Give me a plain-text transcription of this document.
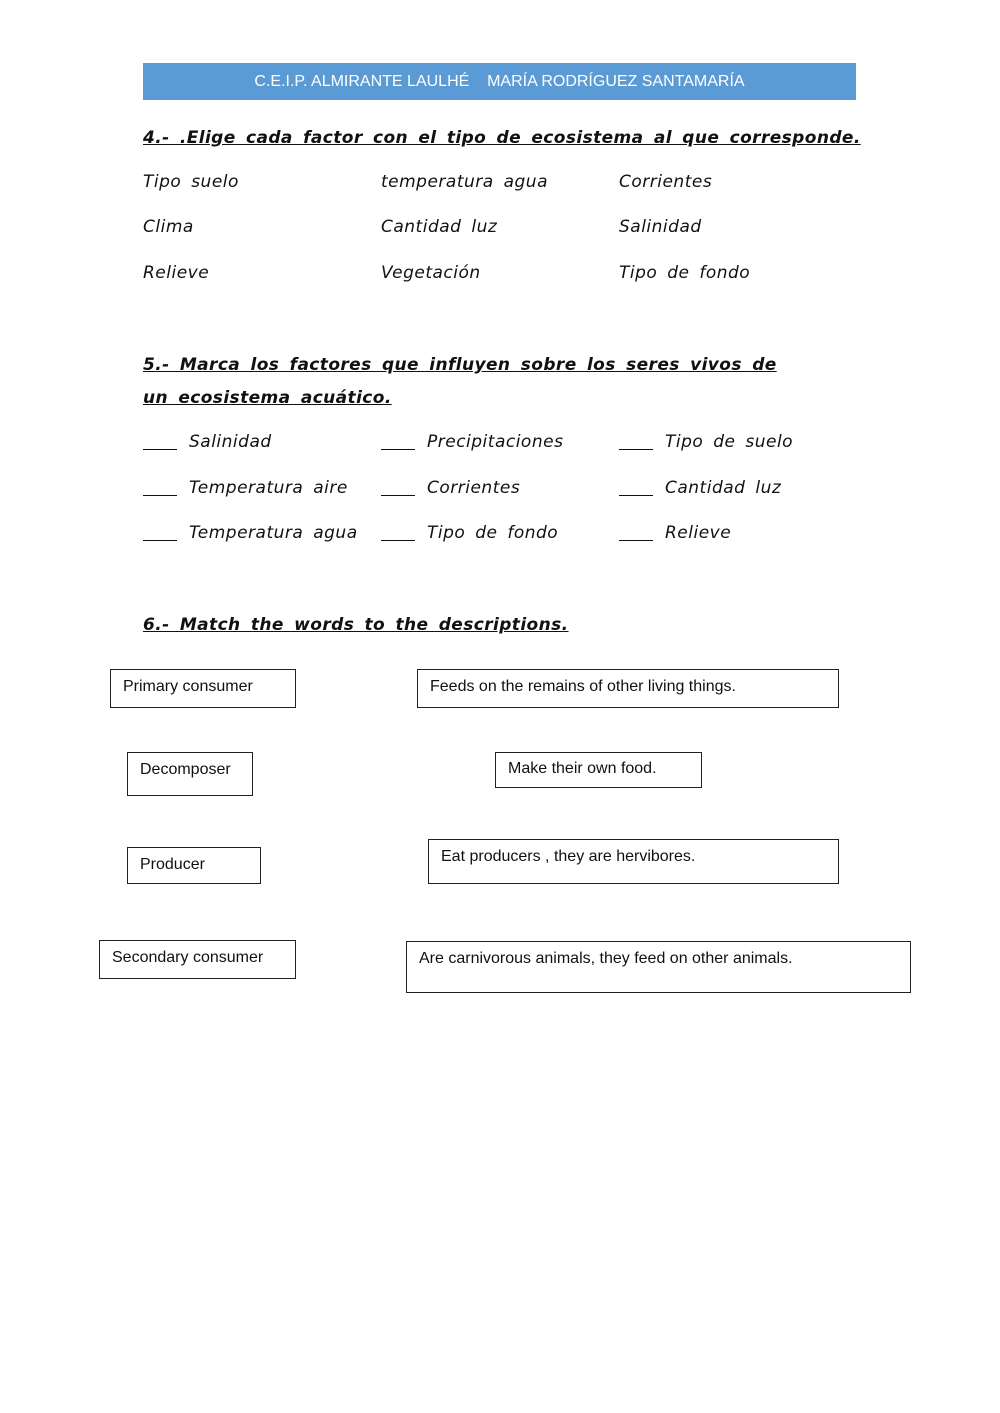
C.E.I.P. ALMIRANTE LAULHÉ    MARÍA RODRÍGUEZ SANTAMARÍA
4.- .Elige cada factor con el tipo de ecosistema al que corresponde.
Tipo suelo	temperatura agua	Corrientes
Clima	Cantidad luz	Salinidad
Relieve	Vegetación	Tipo de fondo
5.- Marca los factores que influyen sobre los seres vivos de un ecosistema acuático.
Salinidad	Precipitaciones	Tipo de suelo
Temperatura aire	Corrientes	Cantidad luz
Temperatura agua	Tipo de fondo	Relieve
6.- Match the words to the descriptions.
Primary consumer
Decomposer
Producer
Secondary consumer
Feeds on the remains of other living things.
Make their own food.
Eat producers , they are hervibores.
Are carnivorous animals, they feed on other animals.
